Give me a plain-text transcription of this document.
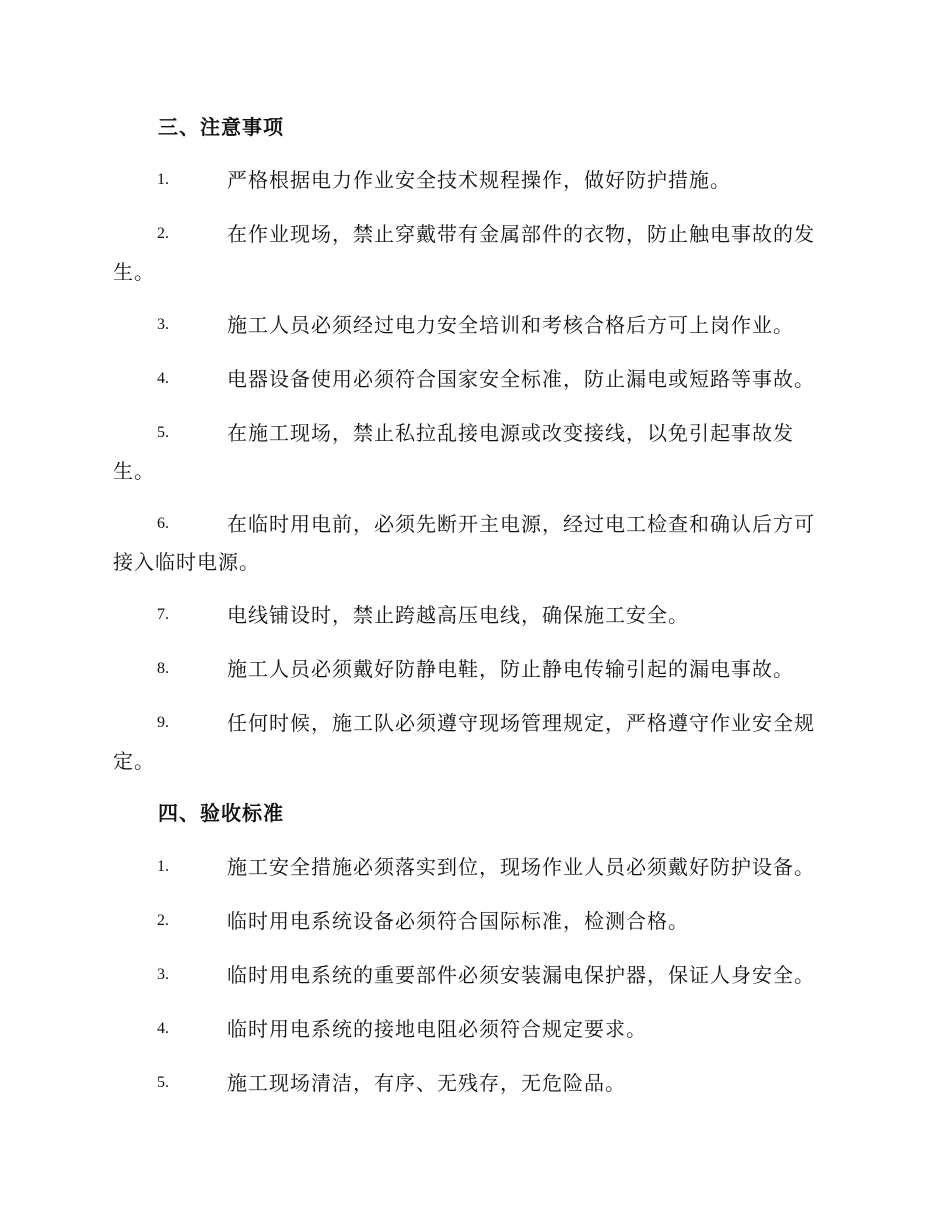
三、注意事项
1.	严格根据电力作业安全技术规程操作，做好防护措施。
2.	在作业现场，禁止穿戴带有金属部件的衣物，防止触电事故的发生。
3.	施工人员必须经过电力安全培训和考核合格后方可上岗作业。
4.	电器设备使用必须符合国家安全标准，防止漏电或短路等事故。
5.	在施工现场，禁止私拉乱接电源或改变接线，以免引起事故发生。
6.	在临时用电前，必须先断开主电源，经过电工检查和确认后方可接入临时电源。
7.	电线铺设时，禁止跨越高压电线，确保施工安全。
8.	施工人员必须戴好防静电鞋，防止静电传输引起的漏电事故。
9.	任何时候，施工队必须遵守现场管理规定，严格遵守作业安全规定。
四、验收标准
1.	施工安全措施必须落实到位，现场作业人员必须戴好防护设备。
2.	临时用电系统设备必须符合国际标准，检测合格。
3.	临时用电系统的重要部件必须安装漏电保护器，保证人身安全。
4.	临时用电系统的接地电阻必须符合规定要求。
5.	施工现场清洁，有序、无残存，无危险品。
